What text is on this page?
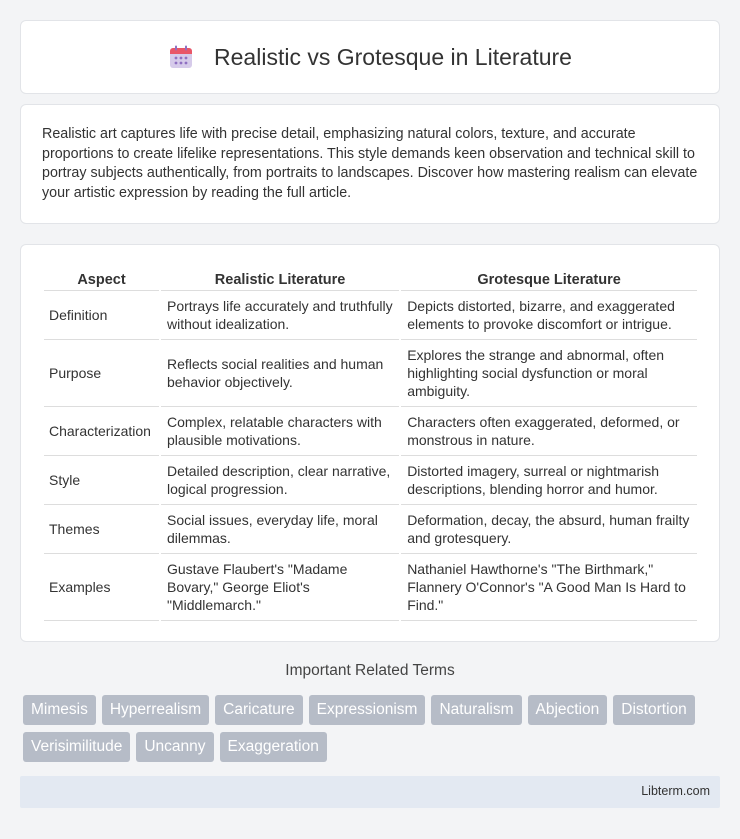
Realistic vs Grotesque in Literature

Realistic art captures life with precise detail, emphasizing natural colors, texture, and accurate proportions to create lifelike representations. This style demands keen observation and technical skill to portray subjects authentically, from portraits to landscapes. Discover how mastering realism can elevate your artistic expression by reading the full article.

Aspect	Realistic Literature	Grotesque Literature
Definition	Portrays life accurately and truthfully without idealization.	Depicts distorted, bizarre, and exaggerated elements to provoke discomfort or intrigue.
Purpose	Reflects social realities and human behavior objectively.	Explores the strange and abnormal, often highlighting social dysfunction or moral ambiguity.
Characterization	Complex, relatable characters with plausible motivations.	Characters often exaggerated, deformed, or monstrous in nature.
Style	Detailed description, clear narrative, logical progression.	Distorted imagery, surreal or nightmarish descriptions, blending horror and humor.
Themes	Social issues, everyday life, moral dilemmas.	Deformation, decay, the absurd, human frailty and grotesquery.
Examples	Gustave Flaubert's "Madame Bovary," George Eliot's "Middlemarch."	Nathaniel Hawthorne's "The Birthmark," Flannery O'Connor's "A Good Man Is Hard to Find."
Important Related Terms
Mimesis	Hyperrealism	Caricature	Expressionism	Naturalism	Abjection	Distortion
Verisimilitude	Uncanny	Exaggeration
Libterm.com
